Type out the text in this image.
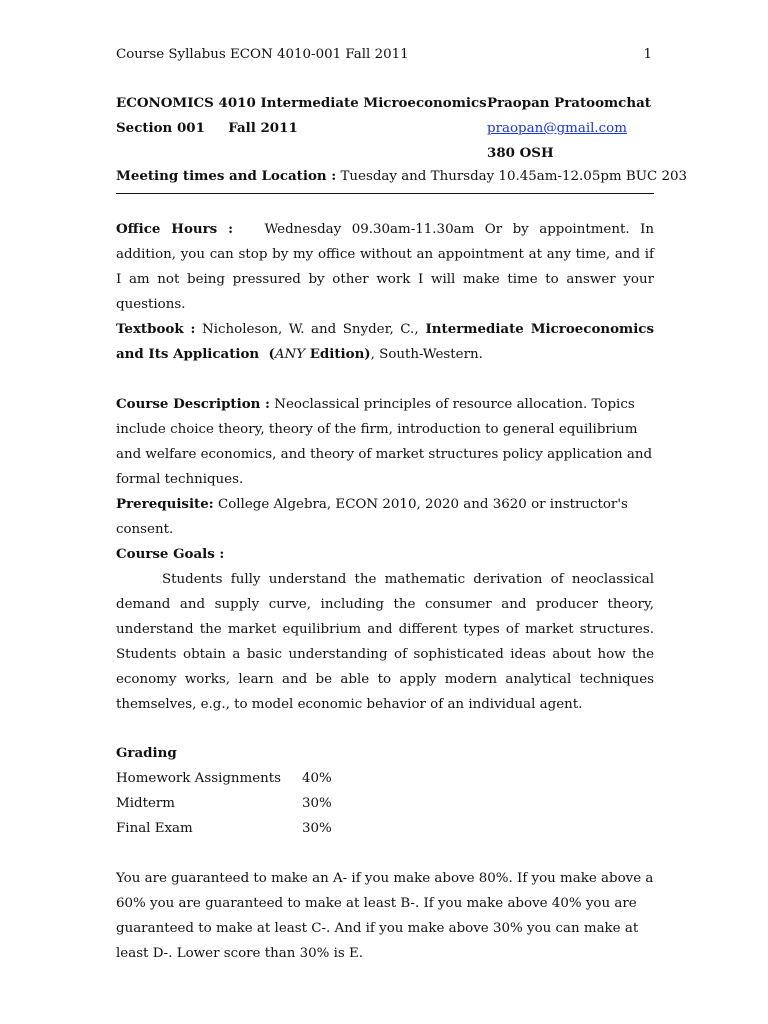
Course Syllabus ECON 4010-001 Fall 2011	1
ECONOMICS 4010 Intermediate Microeconomics Praopan Pratoomchat
Section 001     Fall 2011	praopan@gmail.com
380 OSH
Meeting times and Location : Tuesday and Thursday 10.45am-12.05pm BUC 203
Office Hours :   Wednesday 09.30am-11.30am Or by appointment. In addition, you can stop by my office without an appointment at any time, and if I am not being pressured by other work I will make time to answer your questions.
Textbook : Nicholeson, W. and Snyder, C., Intermediate Microeconomics and Its Application  (ANY Edition), South-Western.
Course Description : Neoclassical principles of resource allocation. Topics include choice theory, theory of the firm, introduction to general equilibrium and welfare economics, and theory of market structures policy application and formal techniques.
Prerequisite: College Algebra, ECON 2010, 2020 and 3620 or instructor's consent.
Course Goals :
Students fully understand the mathematic derivation of neoclassical demand and supply curve, including the consumer and producer theory, understand the market equilibrium and different types of market structures. Students obtain a basic understanding of sophisticated ideas about how the economy works, learn and be able to apply modern analytical techniques themselves, e.g., to model economic behavior of an individual agent.
Grading
Homework Assignments	40%
Midterm	30%
Final Exam	30%
You are guaranteed to make an A- if you make above 80%. If you make above a 60% you are guaranteed to make at least B-. If you make above 40% you are guaranteed to make at least C-. And if you make above 30% you can make at least D-. Lower score than 30% is E.
